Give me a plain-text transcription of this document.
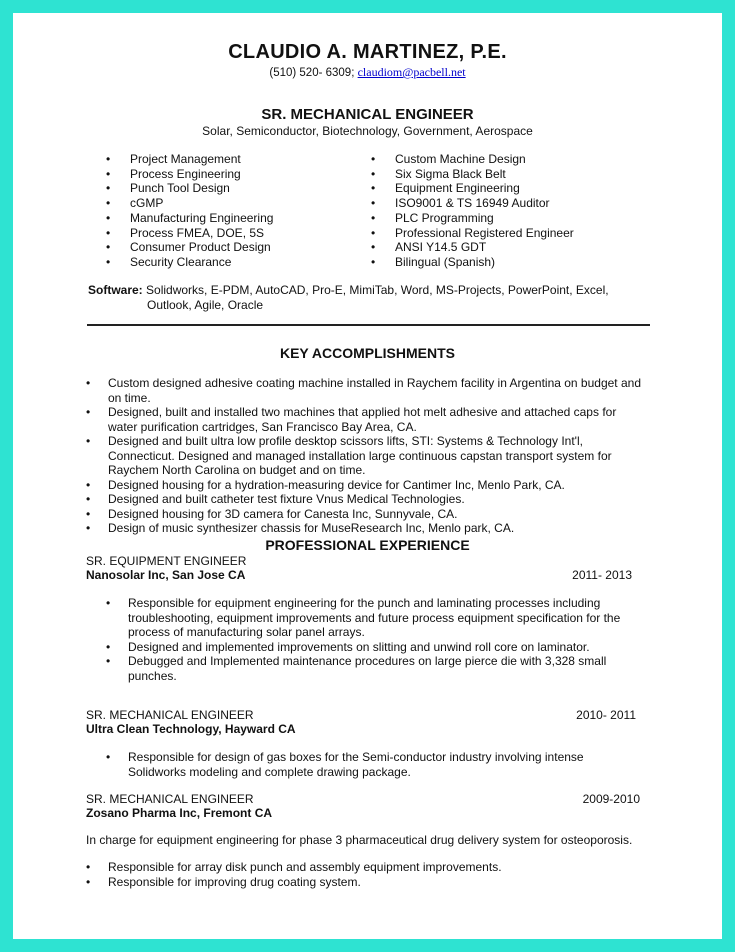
CLAUDIO A. MARTINEZ, P.E.
(510) 520- 6309; claudiom@pacbell.net
SR. MECHANICAL ENGINEER
Solar, Semiconductor, Biotechnology, Government, Aerospace
• Project Management
• Process Engineering
• Punch Tool Design
• cGMP
• Manufacturing Engineering
• Process FMEA, DOE, 5S
• Consumer Product Design
• Security Clearance
• Custom Machine Design
• Six Sigma Black Belt
• Equipment Engineering
• ISO9001 & TS 16949 Auditor
• PLC Programming
• Professional Registered Engineer
• ANSI Y14.5 GDT
• Bilingual (Spanish)
Software: Solidworks, E-PDM, AutoCAD, Pro-E, MimiTab, Word, MS-Projects, PowerPoint, Excel,
Outlook, Agile, Oracle
KEY ACCOMPLISHMENTS
• Custom designed adhesive coating machine installed in Raychem facility in Argentina on budget and on time.
• Designed, built and installed two machines that applied hot melt adhesive and attached caps for water purification cartridges, San Francisco Bay Area, CA.
• Designed and built ultra low profile desktop scissors lifts, STI: Systems & Technology Int'l, Connecticut. Designed and managed installation large continuous capstan transport system for Raychem North Carolina on budget and on time.
• Designed housing for a hydration-measuring device for Cantimer Inc, Menlo Park, CA.
• Designed and built catheter test fixture Vnus Medical Technologies.
• Designed housing for 3D camera for Canesta Inc, Sunnyvale, CA.
• Design of music synthesizer chassis for MuseResearch Inc, Menlo park, CA.
PROFESSIONAL EXPERIENCE
SR. EQUIPMENT ENGINEER
Nanosolar Inc, San Jose CA	2011- 2013
• Responsible for equipment engineering for the punch and laminating processes including troubleshooting, equipment improvements and future process equipment specification for the process of manufacturing solar panel arrays.
• Designed and implemented improvements on slitting and unwind roll core on laminator.
• Debugged and Implemented maintenance procedures on large pierce die with 3,328 small punches.
SR. MECHANICAL ENGINEER
Ultra Clean Technology, Hayward CA
2010- 2011
• Responsible for design of gas boxes for the Semi-conductor industry involving intense Solidworks modeling and complete drawing package.
SR. MECHANICAL ENGINEER
Zosano Pharma Inc, Fremont CA
2009-2010
In charge for equipment engineering for phase 3 pharmaceutical drug delivery system for osteoporosis.
• Responsible for array disk punch and assembly equipment improvements.
• Responsible for improving drug coating system.
